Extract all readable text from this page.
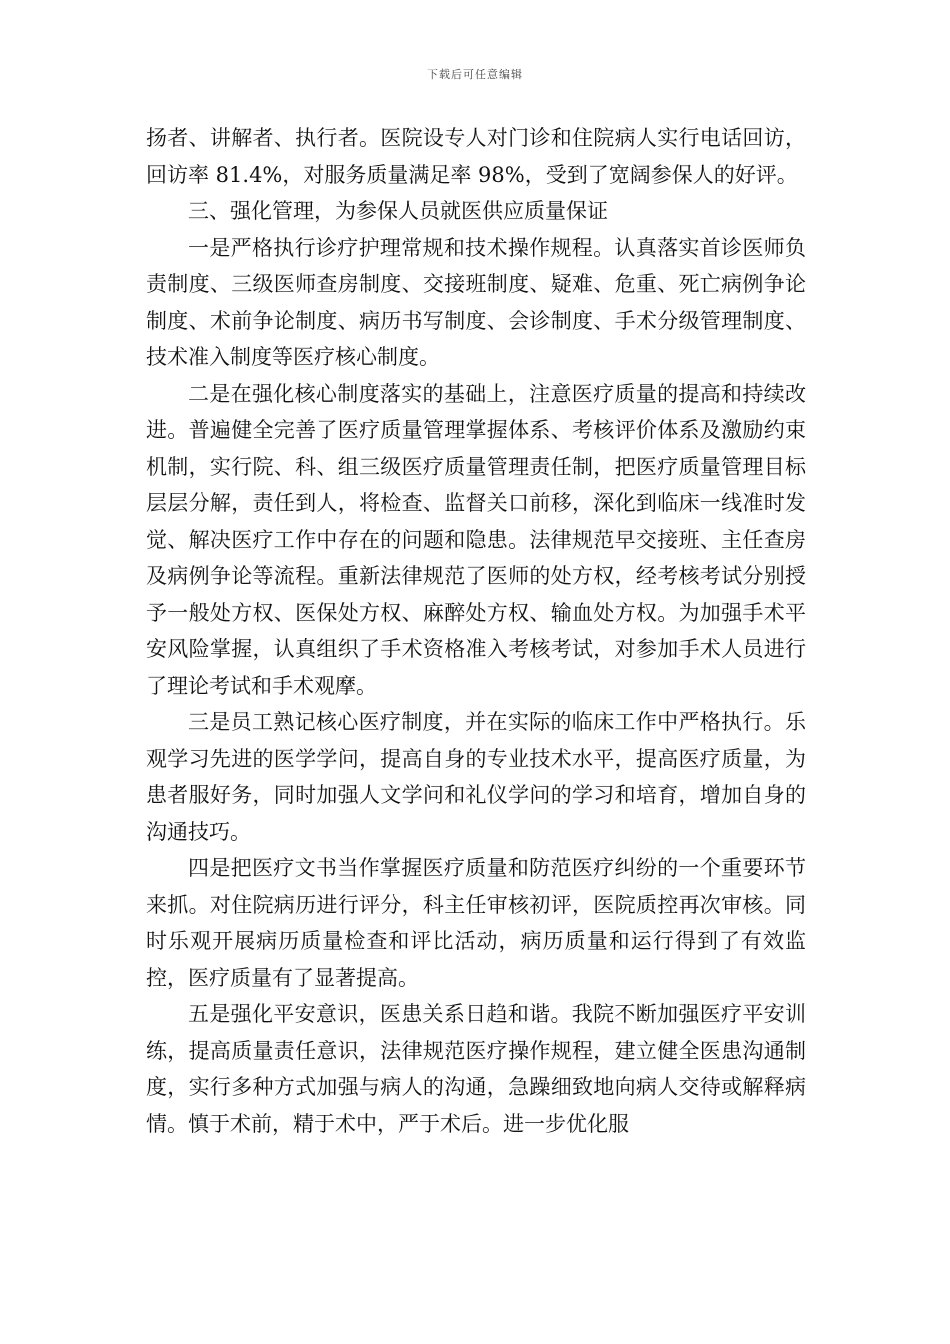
下载后可任意编辑

扬者、讲解者、执行者。医院设专人对门诊和住院病人实行电话回访，回访率 81.4%，对服务质量满足率 98%，受到了宽阔参保人的好评。

三、强化管理，为参保人员就医供应质量保证

一是严格执行诊疗护理常规和技术操作规程。认真落实首诊医师负责制度、三级医师查房制度、交接班制度、疑难、危重、死亡病例争论制度、术前争论制度、病历书写制度、会诊制度、手术分级管理制度、技术准入制度等医疗核心制度。

二是在强化核心制度落实的基础上，注意医疗质量的提高和持续改进。普遍健全完善了医疗质量管理掌握体系、考核评价体系及激励约束机制，实行院、科、组三级医疗质量管理责任制，把医疗质量管理目标层层分解，责任到人，将检查、监督关口前移，深化到临床一线准时发觉、解决医疗工作中存在的问题和隐患。法律规范早交接班、主任查房及病例争论等流程。重新法律规范了医师的处方权，经考核考试分别授予一般处方权、医保处方权、麻醉处方权、输血处方权。为加强手术平安风险掌握，认真组织了手术资格准入考核考试，对参加手术人员进行了理论考试和手术观摩。

三是员工熟记核心医疗制度，并在实际的临床工作中严格执行。乐观学习先进的医学学问，提高自身的专业技术水平，提高医疗质量，为患者服好务，同时加强人文学问和礼仪学问的学习和培育，增加自身的沟通技巧。

四是把医疗文书当作掌握医疗质量和防范医疗纠纷的一个重要环节来抓。对住院病历进行评分，科主任审核初评，医院质控再次审核。同时乐观开展病历质量检查和评比活动，病历质量和运行得到了有效监控，医疗质量有了显著提高。

五是强化平安意识，医患关系日趋和谐。我院不断加强医疗平安训练，提高质量责任意识，法律规范医疗操作规程，建立健全医患沟通制度，实行多种方式加强与病人的沟通，急躁细致地向病人交待或解释病情。慎于术前，精于术中，严于术后。进一步优化服
